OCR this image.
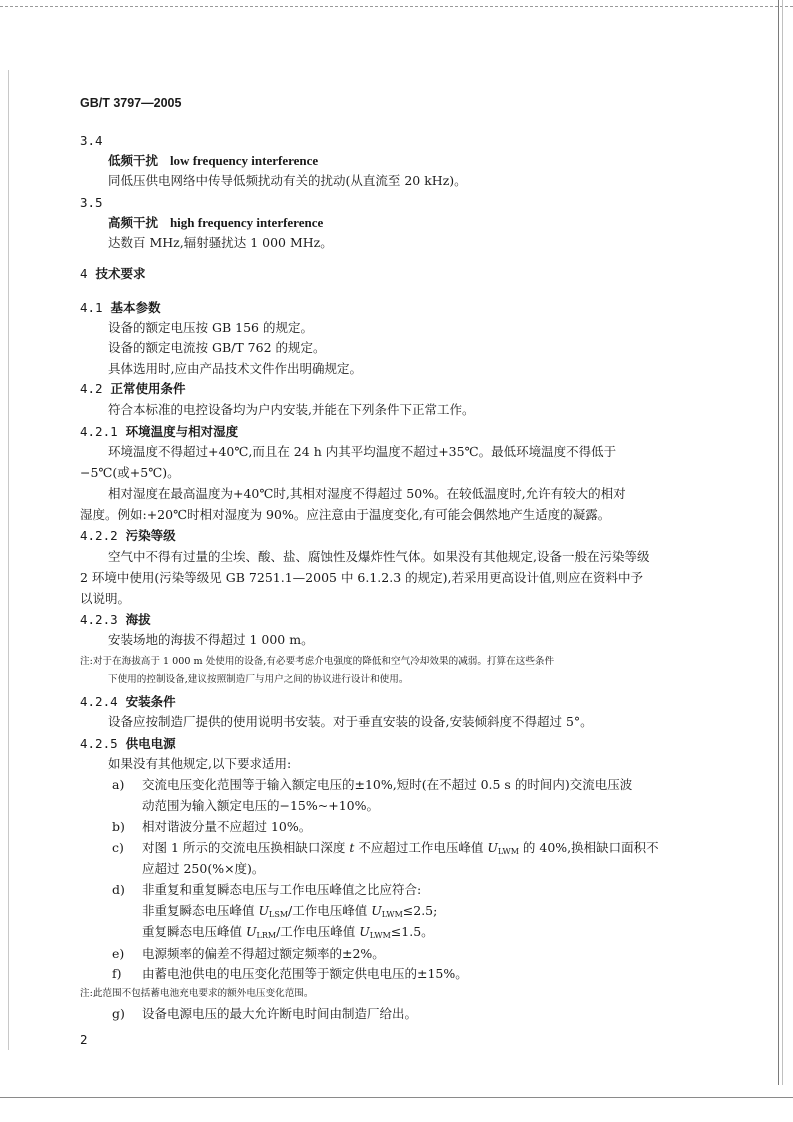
GB/T 3797—2005
3.4
低频干扰 low frequency interference
同低压供电网络中传导低频扰动有关的扰动(从直流至 20 kHz)。
3.5
高频干扰 high frequency interference
达数百 MHz,辐射骚扰达 1 000 MHz。
4 技术要求
4.1 基本参数
设备的额定电压按 GB 156 的规定。
设备的额定电流按 GB/T 762 的规定。
具体选用时,应由产品技术文件作出明确规定。
4.2 正常使用条件
符合本标准的电控设备均为户内安装,并能在下列条件下正常工作。
4.2.1 环境温度与相对湿度
环境温度不得超过+40℃,而且在 24 h 内其平均温度不超过+35℃。最低环境温度不得低于
−5℃(或+5℃)。
相对湿度在最高温度为+40℃时,其相对湿度不得超过 50%。在较低温度时,允许有较大的相对
湿度。例如:+20℃时相对湿度为 90%。应注意由于温度变化,有可能会偶然地产生适度的凝露。
4.2.2 污染等级
空气中不得有过量的尘埃、酸、盐、腐蚀性及爆炸性气体。如果没有其他规定,设备一般在污染等级
2 环境中使用(污染等级见 GB 7251.1—2005 中 6.1.2.3 的规定),若采用更高设计值,则应在资料中予
以说明。
4.2.3 海拔
安装场地的海拔不得超过 1 000 m。
注:对于在海拔高于 1 000 m 处使用的设备,有必要考虑介电强度的降低和空气冷却效果的减弱。打算在这些条件
下使用的控制设备,建议按照制造厂与用户之间的协议进行设计和使用。
4.2.4 安装条件
设备应按制造厂提供的使用说明书安装。对于垂直安装的设备,安装倾斜度不得超过 5°。
4.2.5 供电电源
如果没有其他规定,以下要求适用:
a) 交流电压变化范围等于输入额定电压的±10%,短时(在不超过 0.5 s 的时间内)交流电压波
动范围为输入额定电压的−15%~+10%。
b) 相对谐波分量不应超过 10%。
c) 对图 1 所示的交流电压换相缺口深度 t 不应超过工作电压峰值 $U_{LWM}$ 的 40%,换相缺口面积不
应超过 250(%×度)。
d) 非重复和重复瞬态电压与工作电压峰值之比应符合:
非重复瞬态电压峰值 $U_{LSM}/$工作电压峰值 $U_{LWM}\le 2.5$;
重复瞬态电压峰值 $U_{LRM}/$工作电压峰值 $U_{LWM}\le 1.5$。
e) 电源频率的偏差不得超过额定频率的±2%。
f) 由蓄电池供电的电压变化范围等于额定供电电压的±15%。
注:此范围不包括蓄电池充电要求的额外电压变化范围。
g) 设备电源电压的最大允许断电时间由制造厂给出。
2
